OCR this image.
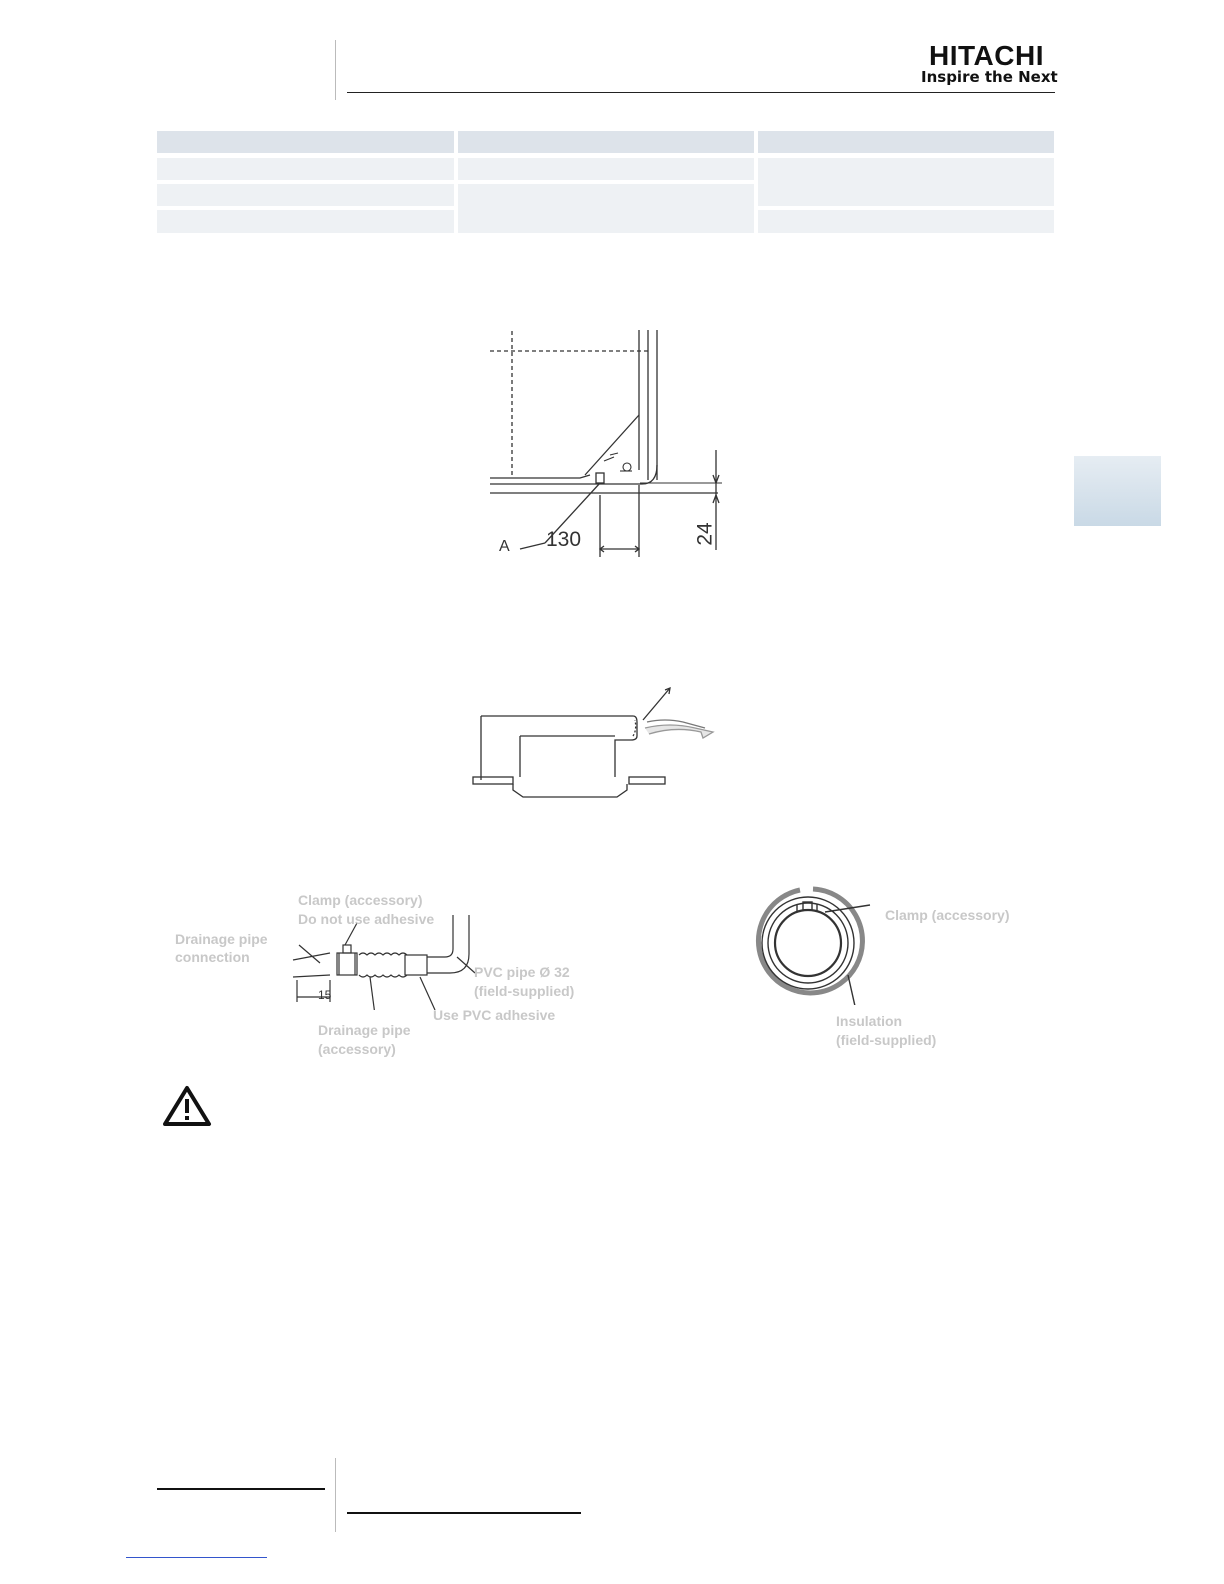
HITACHI
Inspire the Next
A 130	24
Clamp (accessory)
Do not use adhesive
Drainage pipe
connection
PVC pipe Ø 32
(field-supplied)
Use PVC adhesive
Drainage pipe
(accessory)
15
Clamp (accessory)
Insulation
(field-supplied)
